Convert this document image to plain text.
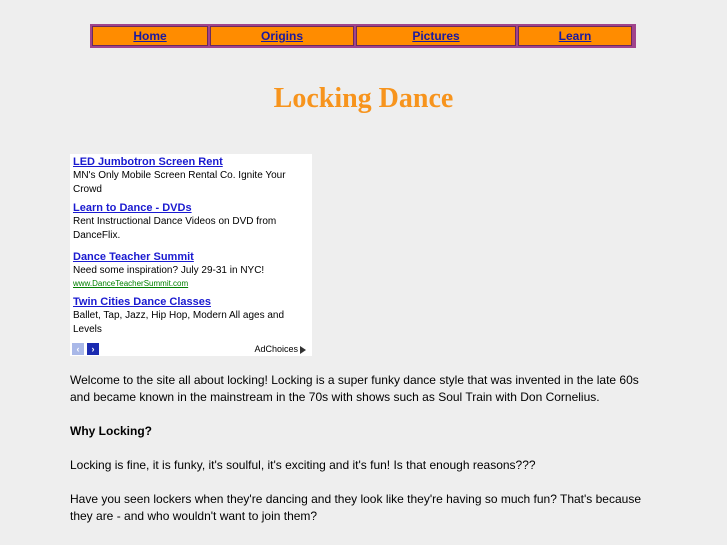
Home	Origins	Pictures	Learn
Locking Dance
LED Jumbotron Screen Rent
MN's Only Mobile Screen Rental Co. Ignite Your Crowd
Learn to Dance - DVDs
Rent Instructional Dance Videos on DVD from DanceFlix.
Dance Teacher Summit
Need some inspiration? July 29-31 in NYC!
www.DanceTeacherSummit.com
Twin Cities Dance Classes
Ballet, Tap, Jazz, Hip Hop, Modern All ages and Levels
‹	›	AdChoices

Welcome to the site all about locking! Locking is a super funky dance style that was invented in the late 60s and became known in the mainstream in the 70s with shows such as Soul Train with Don Cornelius.

Why Locking?

Locking is fine, it is funky, it's soulful, it's exciting and it's fun! Is that enough reasons???

Have you seen lockers when they're dancing and they look like they're having so much fun? That's because they are - and who wouldn't want to join them?
